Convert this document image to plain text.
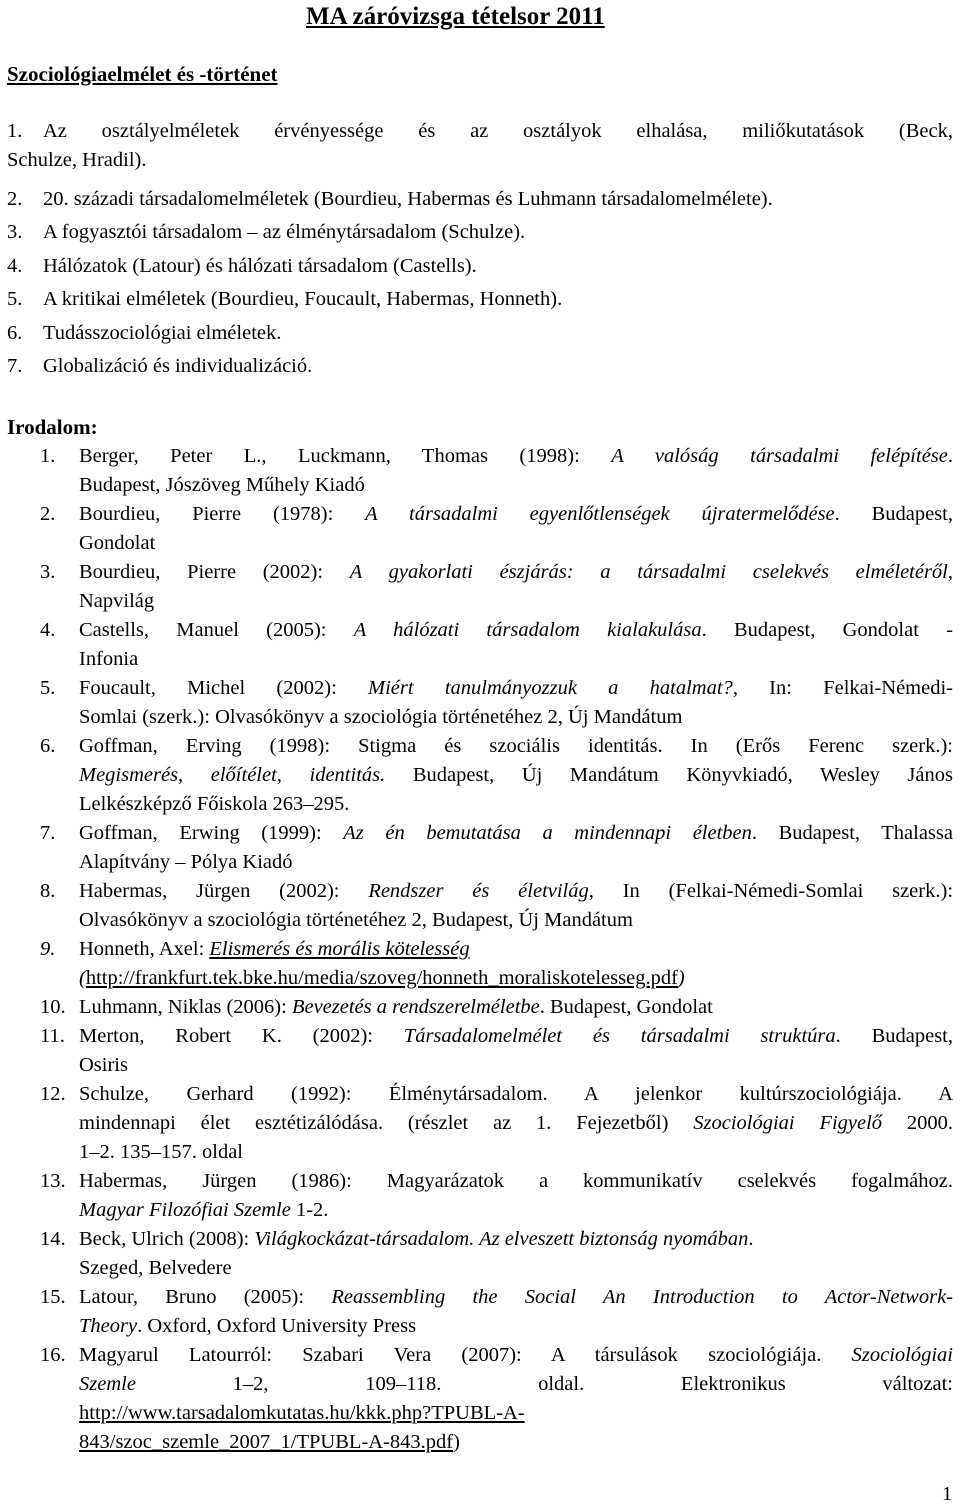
MA záróvizsga tételsor 2011
Szociológiaelmélet és -történet
1. Az osztályelméletek érvényessége és az osztályok elhalása, miliőkutatások (Beck,
Schulze, Hradil).
2. 20. századi társadalomelméletek (Bourdieu, Habermas és Luhmann társadalomelmélete).
3. A fogyasztói társadalom – az élménytársadalom (Schulze).
4. Hálózatok (Latour) és hálózati társadalom (Castells).
5. A kritikai elméletek (Bourdieu, Foucault, Habermas, Honneth).
6. Tudásszociológiai elméletek.
7. Globalizáció és individualizáció.
Irodalom:
1. Berger, Peter L., Luckmann, Thomas (1998): A valóság társadalmi felépítése.
Budapest, Jószöveg Műhely Kiadó
2. Bourdieu, Pierre (1978): A társadalmi egyenlőtlenségek újratermelődése. Budapest,
Gondolat
3. Bourdieu, Pierre (2002): A gyakorlati észjárás: a társadalmi cselekvés elméletéről,
Napvilág
4. Castells, Manuel (2005): A hálózati társadalom kialakulása. Budapest, Gondolat -
Infonia
5. Foucault, Michel (2002): Miért tanulmányozzuk a hatalmat?, In: Felkai-Némedi-
Somlai (szerk.): Olvasókönyv a szociológia történetéhez 2, Új Mandátum
6. Goffman, Erving (1998): Stigma és szociális identitás. In (Erős Ferenc szerk.):
Megismerés, előítélet, identitás. Budapest, Új Mandátum Könyvkiadó, Wesley János
Lelkészképző Főiskola 263–295.
7. Goffman, Erwing (1999): Az én bemutatása a mindennapi életben. Budapest, Thalassa
Alapítvány – Pólya Kiadó
8. Habermas, Jürgen (2002): Rendszer és életvilág, In (Felkai-Némedi-Somlai szerk.):
Olvasókönyv a szociológia történetéhez 2, Budapest, Új Mandátum
9. Honneth, Axel: Elismerés és morális kötelesség
(http://frankfurt.tek.bke.hu/media/szoveg/honneth_moraliskotelesseg.pdf)
10. Luhmann, Niklas (2006): Bevezetés a rendszerelméletbe. Budapest, Gondolat
11. Merton, Robert K. (2002): Társadalomelmélet és társadalmi struktúra. Budapest,
Osiris
12. Schulze, Gerhard (1992): Élménytársadalom. A jelenkor kultúrszociológiája. A
mindennapi élet esztétizálódása. (részlet az 1. Fejezetből) Szociológiai Figyelő 2000.
1–2. 135–157. oldal
13. Habermas, Jürgen (1986): Magyarázatok a kommunikatív cselekvés fogalmához.
Magyar Filozófiai Szemle 1-2.
14. Beck, Ulrich (2008): Világkockázat-társadalom. Az elveszett biztonság nyomában.
Szeged, Belvedere
15. Latour, Bruno (2005): Reassembling the Social An Introduction to Actor-Network-
Theory. Oxford, Oxford University Press
16. Magyarul Latourról: Szabari Vera (2007): A társulások szociológiája. Szociológiai
Szemle 1–2, 109–118. oldal. Elektronikus változat:
http://www.tarsadalomkutatas.hu/kkk.php?TPUBL-A-
843/szoc_szemle_2007_1/TPUBL-A-843.pdf)
1
